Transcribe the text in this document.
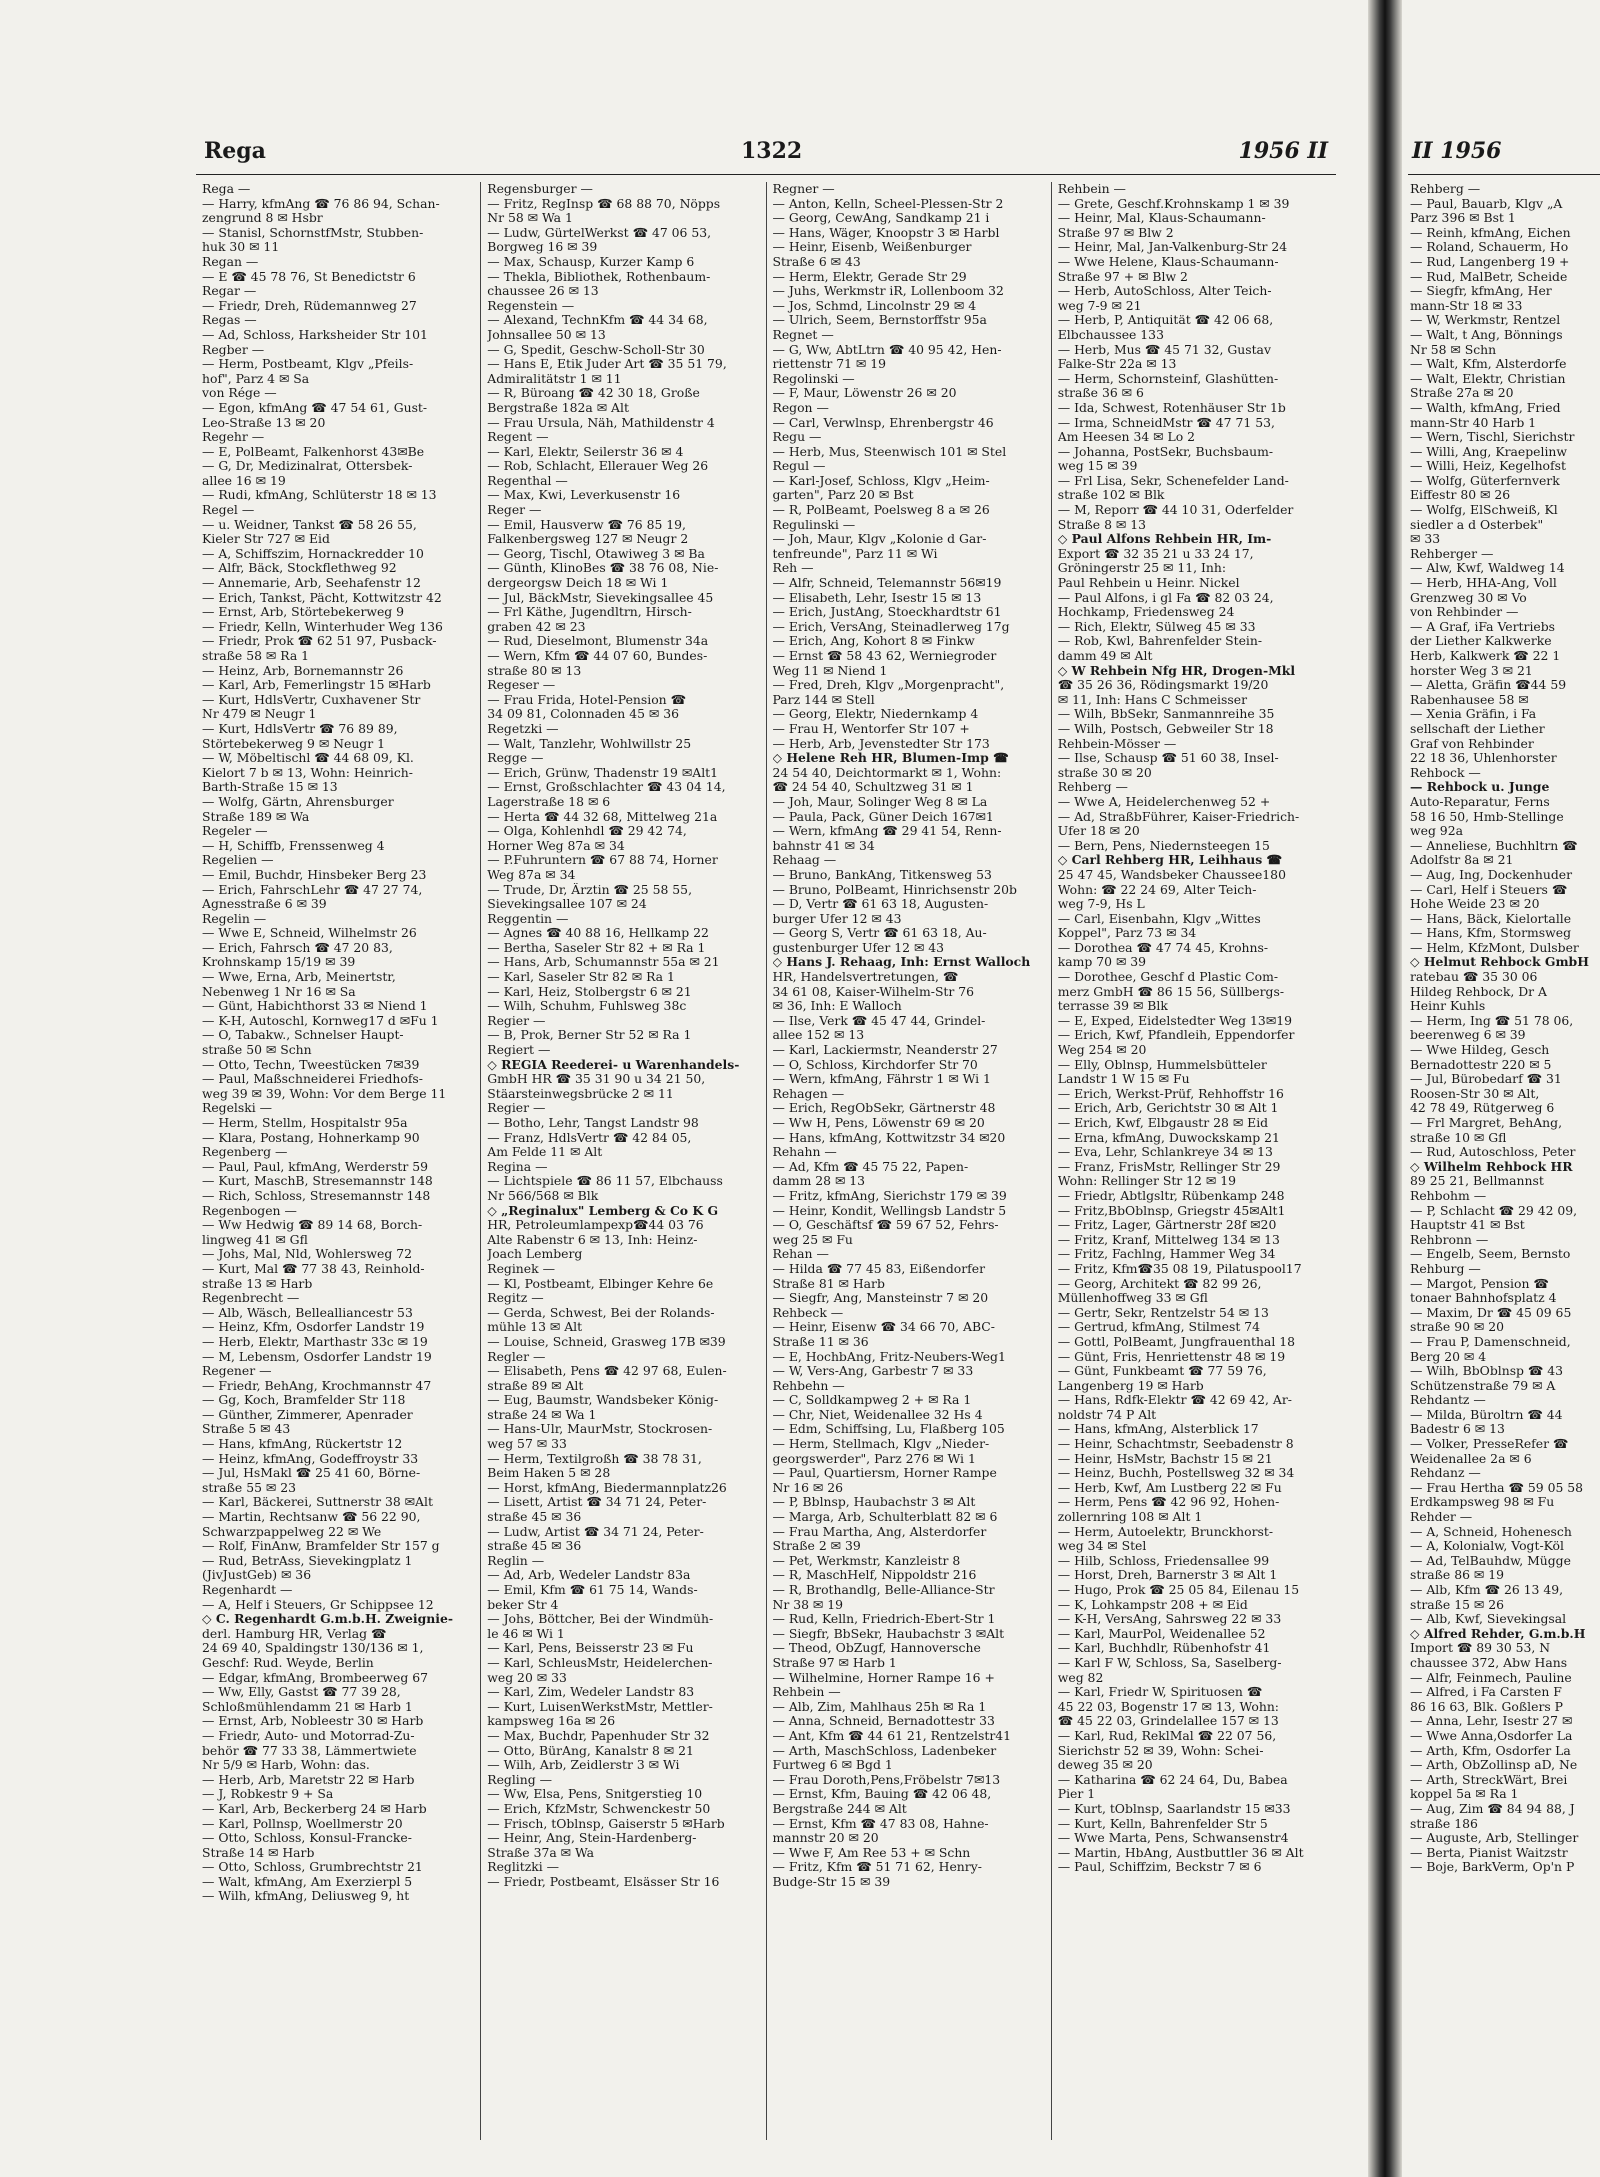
Rega	1322	1956 II
Rega —
— Harry, kfmAng ☎ 76 86 94, Schan-
zengrund 8 ✉ Hsbr
— Stanisl, SchornstfMstr, Stubben-
huk 30 ✉ 11
Regan —
— E ☎ 45 78 76, St Benedictstr 6
Regar —
— Friedr, Dreh, Rüdemannweg 27
Regas —
— Ad, Schloss, Harksheider Str 101
Regber —
— Herm, Postbeamt, Klgv „Pfeils-
hof", Parz 4 ✉ Sa
von Rége —
— Egon, kfmAng ☎ 47 54 61, Gust-
Leo-Straße 13 ✉ 20
Regehr —
— E, PolBeamt, Falkenhorst 43✉Be
— G, Dr, Medizinalrat, Ottersbek-
allee 16 ✉ 19
— Rudi, kfmAng, Schlüterstr 18 ✉ 13
Regel —
— u. Weidner, Tankst ☎ 58 26 55,
Kieler Str 727 ✉ Eid
— A, Schiffszim, Hornackredder 10
— Alfr, Bäck, Stockflethweg 92
— Annemarie, Arb, Seehafenstr 12
— Erich, Tankst, Pächt, Kottwitzstr 42
— Ernst, Arb, Störtebekerweg 9
— Friedr, Kelln, Winterhuder Weg 136
— Friedr, Prok ☎ 62 51 97, Pusback-
straße 58 ✉ Ra 1
— Heinz, Arb, Bornemannstr 26
— Karl, Arb, Femerlingstr 15 ✉Harb
— Kurt, HdlsVertr, Cuxhavener Str
Nr 479 ✉ Neugr 1
— Kurt, HdlsVertr ☎ 76 89 89,
Störtebekerweg 9 ✉ Neugr 1
— W, Möbeltischl ☎ 44 68 09, Kl.
Kielort 7 b ✉ 13, Wohn: Heinrich-
Barth-Straße 15 ✉ 13
— Wolfg, Gärtn, Ahrensburger
Straße 189 ✉ Wa
Regeler —
— H, Schiffb, Frenssenweg 4
Regelien —
— Emil, Buchdr, Hinsbeker Berg 23
— Erich, FahrschLehr ☎ 47 27 74,
Agnesstraße 6 ✉ 39
Regelin —
— Wwe E, Schneid, Wilhelmstr 26
— Erich, Fahrsch ☎ 47 20 83,
Krohnskamp 15/19 ✉ 39
— Wwe, Erna, Arb, Meinertstr,
Nebenweg 1 Nr 16 ✉ Sa
— Günt, Habichthorst 33 ✉ Niend 1
— K-H, Autoschl, Kornweg17 d ✉Fu 1
— O, Tabakw., Schnelser Haupt-
straße 50 ✉ Schn
— Otto, Techn, Tweestücken 7✉39
— Paul, Maßschneiderei Friedhofs-
weg 39 ✉ 39, Wohn: Vor dem Berge 11
Regelski —
— Herm, Stellm, Hospitalstr 95a
— Klara, Postang, Hohnerkamp 90
Regenberg —
— Paul, Paul, kfmAng, Werderstr 59
— Kurt, MaschB, Stresemannstr 148
— Rich, Schloss, Stresemannstr 148
Regenbogen —
— Ww Hedwig ☎ 89 14 68, Borch-
lingweg 41 ✉ Gfl
— Johs, Mal, Nld, Wohlersweg 72
— Kurt, Mal ☎ 77 38 43, Reinhold-
straße 13 ✉ Harb
Regenbrecht —
— Alb, Wäsch, Bellealliancestr 53
— Heinz, Kfm, Osdorfer Landstr 19
— Herb, Elektr, Marthastr 33c ✉ 19
— M, Lebensm, Osdorfer Landstr 19
Regener —
— Friedr, BehAng, Krochmannstr 47
— Gg, Koch, Bramfelder Str 118
— Günther, Zimmerer, Apenrader
Straße 5 ✉ 43
— Hans, kfmAng, Rückertstr 12
— Heinz, kfmAng, Godeffroystr 33
— Jul, HsMakl ☎ 25 41 60, Börne-
straße 55 ✉ 23
— Karl, Bäckerei, Suttnerstr 38 ✉Alt
— Martin, Rechtsanw ☎ 56 22 90,
Schwarzpappelweg 22 ✉ We
— Rolf, FinAnw, Bramfelder Str 157 g
— Rud, BetrAss, Sievekingplatz 1
(JivJustGeb) ✉ 36
Regenhardt —
— A, Helf i Steuers, Gr Schippsee 12
◇ C. Regenhardt G.m.b.H. Zweignie-
derl. Hamburg HR, Verlag ☎
24 69 40, Spaldingstr 130/136 ✉ 1,
Geschf: Rud. Weyde, Berlin
— Edgar, kfmAng, Brombeerweg 67
— Ww, Elly, Gastst ☎ 77 39 28,
Schloßmühlendamm 21 ✉ Harb 1
— Ernst, Arb, Nobleestr 30 ✉ Harb
— Friedr, Auto- und Motorrad-Zu-
behör ☎ 77 33 38, Lämmertwiete
Nr 5/9 ✉ Harb, Wohn: das.
— Herb, Arb, Maretstr 22 ✉ Harb
— J, Robkestr 9 + Sa
— Karl, Arb, Beckerberg 24 ✉ Harb
— Karl, Pollnsp, Woellmerstr 20
— Otto, Schloss, Konsul-Francke-
Straße 14 ✉ Harb
— Otto, Schloss, Grumbrechtstr 21
— Walt, kfmAng, Am Exerzierpl 5
— Wilh, kfmAng, Deliusweg 9, ht
Regensburger —
— Fritz, RegInsp ☎ 68 88 70, Nöpps
Nr 58 ✉ Wa 1
— Ludw, GürtelWerkst ☎ 47 06 53,
Borgweg 16 ✉ 39
— Max, Schausp, Kurzer Kamp 6
— Thekla, Bibliothek, Rothenbaum-
chaussee 26 ✉ 13
Regenstein —
— Alexand, TechnKfm ☎ 44 34 68,
Johnsallee 50 ✉ 13
— G, Spedit, Geschw-Scholl-Str 30
— Hans E, Etik Juder Art ☎ 35 51 79,
Admiralitätstr 1 ✉ 11
— R, Büroang ☎ 42 30 18, Große
Bergstraße 182a ✉ Alt
— Frau Ursula, Näh, Mathildenstr 4
Regent —
— Karl, Elektr, Seilerstr 36 ✉ 4
— Rob, Schlacht, Ellerauer Weg 26
Regenthal —
— Max, Kwi, Leverkusenstr 16
Reger —
— Emil, Hausverw ☎ 76 85 19,
Falkenbergsweg 127 ✉ Neugr 2
— Georg, Tischl, Otawiweg 3 ✉ Ba
— Günth, KlinoBes ☎ 38 76 08, Nie-
dergeorgsw Deich 18 ✉ Wi 1
— Jul, BäckMstr, Sievekingsallee 45
— Frl Käthe, Jugendltrn, Hirsch-
graben 42 ✉ 23
— Rud, Dieselmont, Blumenstr 34a
— Wern, Kfm ☎ 44 07 60, Bundes-
straße 80 ✉ 13
Regeser —
— Frau Frida, Hotel-Pension ☎
34 09 81, Colonnaden 45 ✉ 36
Regetzki —
— Walt, Tanzlehr, Wohlwillstr 25
Regge —
— Erich, Grünw, Thadenstr 19 ✉Alt1
— Ernst, Großschlachter ☎ 43 04 14,
Lagerstraße 18 ✉ 6
— Herta ☎ 44 32 68, Mittelweg 21a
— Olga, Kohlenhdl ☎ 29 42 74,
Horner Weg 87a ✉ 34
— P.Fuhruntern ☎ 67 88 74, Horner
Weg 87a ✉ 34
— Trude, Dr, Ärztin ☎ 25 58 55,
Sievekingsallee 107 ✉ 24
Reggentin —
— Agnes ☎ 40 88 16, Hellkamp 22
— Bertha, Saseler Str 82 + ✉ Ra 1
— Hans, Arb, Schumannstr 55a ✉ 21
— Karl, Saseler Str 82 ✉ Ra 1
— Karl, Heiz, Stolbergstr 6 ✉ 21
— Wilh, Schuhm, Fuhlsweg 38c
Regier —
— B, Prok, Berner Str 52 ✉ Ra 1
Regiert —
◇ REGIA Reederei- u Warenhandels-
GmbH HR ☎ 35 31 90 u 34 21 50,
Stäarsteinwegsbrücke 2 ✉ 11
Regier —
— Botho, Lehr, Tangst Landstr 98
— Franz, HdlsVertr ☎ 42 84 05,
Am Felde 11 ✉ Alt
Regina —
— Lichtspiele ☎ 86 11 57, Elbchauss
Nr 566/568 ✉ Blk
◇ „Reginalux" Lemberg & Co K G
HR, Petroleumlampexp☎44 03 76
Alte Rabenstr 6 ✉ 13, Inh: Heinz-
Joach Lemberg
Reginek —
— Kl, Postbeamt, Elbinger Kehre 6e
Regitz —
— Gerda, Schwest, Bei der Rolands-
mühle 13 ✉ Alt
— Louise, Schneid, Grasweg 17B ✉39
Regler —
— Elisabeth, Pens ☎ 42 97 68, Eulen-
straße 89 ✉ Alt
— Eug, Baumstr, Wandsbeker König-
straße 24 ✉ Wa 1
— Hans-Ulr, MaurMstr, Stockrosen-
weg 57 ✉ 33
— Herm, Textilgroßh ☎ 38 78 31,
Beim Haken 5 ✉ 28
— Horst, kfmAng, Biedermannplatz26
— Lisett, Artist ☎ 34 71 24, Peter-
straße 45 ✉ 36
— Ludw, Artist ☎ 34 71 24, Peter-
straße 45 ✉ 36
Reglin —
— Ad, Arb, Wedeler Landstr 83a
— Emil, Kfm ☎ 61 75 14, Wands-
beker Str 4
— Johs, Böttcher, Bei der Windmüh-
le 46 ✉ Wi 1
— Karl, Pens, Beisserstr 23 ✉ Fu
— Karl, SchleusMstr, Heidelerchen-
weg 20 ✉ 33
— Karl, Zim, Wedeler Landstr 83
— Kurt, LuisenWerkstMstr, Mettler-
kampsweg 16a ✉ 26
— Max, Buchdr, Papenhuder Str 32
— Otto, BürAng, Kanalstr 8 ✉ 21
— Wilh, Arb, Zeidlerstr 3 ✉ Wi
Regling —
— Ww, Elsa, Pens, Snitgerstieg 10
— Erich, KfzMstr, Schwenckestr 50
— Frisch, tOblnsp, Gaiserstr 5 ✉Harb
— Heinr, Ang, Stein-Hardenberg-
Straße 37a ✉ Wa
Reglitzki —
— Friedr, Postbeamt, Elsässer Str 16
Regner —
— Anton, Kelln, Scheel-Plessen-Str 2
— Georg, CewAng, Sandkamp 21 i
— Hans, Wäger, Knoopstr 3 ✉ Harbl
— Heinr, Eisenb, Weißenburger
Straße 6 ✉ 43
— Herm, Elektr, Gerade Str 29
— Juhs, Werkmstr iR, Lollenboom 32
— Jos, Schmd, Lincolnstr 29 ✉ 4
— Ulrich, Seem, Bernstorffstr 95a
Regnet —
— G, Ww, AbtLtrn ☎ 40 95 42, Hen-
riettenstr 71 ✉ 19
Regolinski —
— F, Maur, Löwenstr 26 ✉ 20
Regon —
— Carl, Verwlnsp, Ehrenbergstr 46
Regu —
— Herb, Mus, Steenwisch 101 ✉ Stel
Regul —
— Karl-Josef, Schloss, Klgv „Heim-
garten", Parz 20 ✉ Bst
— R, PolBeamt, Poelsweg 8 a ✉ 26
Regulinski —
— Joh, Maur, Klgv „Kolonie d Gar-
tenfreunde", Parz 11 ✉ Wi
Reh —
— Alfr, Schneid, Telemannstr 56✉19
— Elisabeth, Lehr, Isestr 15 ✉ 13
— Erich, JustAng, Stoeckhardtstr 61
— Erich, VersAng, Steinadlerweg 17g
— Erich, Ang, Kohort 8 ✉ Finkw
— Ernst ☎ 58 43 62, Werniegroder
Weg 11 ✉ Niend 1
— Fred, Dreh, Klgv „Morgenpracht",
Parz 144 ✉ Stell
— Georg, Elektr, Niedernkamp 4
— Frau H, Wentorfer Str 107 +
— Herb, Arb, Jevenstedter Str 173
◇ Helene Reh HR, Blumen-Imp ☎
24 54 40, Deichtormarkt ✉ 1, Wohn:
☎ 24 54 40, Schultzweg 31 ✉ 1
— Joh, Maur, Solinger Weg 8 ✉ La
— Paula, Pack, Güner Deich 167✉1
— Wern, kfmAng ☎ 29 41 54, Renn-
bahnstr 41 ✉ 34
Rehaag —
— Bruno, BankAng, Titkensweg 53
— Bruno, PolBeamt, Hinrichsenstr 20b
— D, Vertr ☎ 61 63 18, Augusten-
burger Ufer 12 ✉ 43
— Georg S, Vertr ☎ 61 63 18, Au-
gustenburger Ufer 12 ✉ 43
◇ Hans J. Rehaag, Inh: Ernst Walloch
HR, Handelsvertretungen, ☎
34 61 08, Kaiser-Wilhelm-Str 76
✉ 36, Inh: E Walloch
— Ilse, Verk ☎ 45 47 44, Grindel-
allee 152 ✉ 13
— Karl, Lackiermstr, Neanderstr 27
— O, Schloss, Kirchdorfer Str 70
— Wern, kfmAng, Fährstr 1 ✉ Wi 1
Rehagen —
— Erich, RegObSekr, Gärtnerstr 48
— Ww H, Pens, Löwenstr 69 ✉ 20
— Hans, kfmAng, Kottwitzstr 34 ✉20
Rehahn —
— Ad, Kfm ☎ 45 75 22, Papen-
damm 28 ✉ 13
— Fritz, kfmAng, Sierichstr 179 ✉ 39
— Heinr, Kondit, Wellingsb Landstr 5
— O, Geschäftsf ☎ 59 67 52, Fehrs-
weg 25 ✉ Fu
Rehan —
— Hilda ☎ 77 45 83, Eißendorfer
Straße 81 ✉ Harb
— Siegfr, Ang, Mansteinstr 7 ✉ 20
Rehbeck —
— Heinr, Eisenw ☎ 34 66 70, ABC-
Straße 11 ✉ 36
— E, HochbAng, Fritz-Neubers-Weg1
— W, Vers-Ang, Garbestr 7 ✉ 33
Rehbehn —
— C, Solldkampweg 2 + ✉ Ra 1
— Chr, Niet, Weidenallee 32 Hs 4
— Edm, Schiffsing, Lu, Flaßberg 105
— Herm, Stellmach, Klgv „Nieder-
georgswerder", Parz 276 ✉ Wi 1
— Paul, Quartiersm, Horner Rampe
Nr 16 ✉ 26
— P, Bblnsp, Haubachstr 3 ✉ Alt
— Marga, Arb, Schulterblatt 82 ✉ 6
— Frau Martha, Ang, Alsterdorfer
Straße 2 ✉ 39
— Pet, Werkmstr, Kanzleistr 8
— R, MaschHelf, Nippoldstr 216
— R, Brothandlg, Belle-Alliance-Str
Nr 38 ✉ 19
— Rud, Kelln, Friedrich-Ebert-Str 1
— Siegfr, BbSekr, Haubachstr 3 ✉Alt
— Theod, ObZugf, Hannoversche
Straße 97 ✉ Harb 1
— Wilhelmine, Horner Rampe 16 +
Rehbein —
— Alb, Zim, Mahlhaus 25h ✉ Ra 1
— Anna, Schneid, Bernadottestr 33
— Ant, Kfm ☎ 44 61 21, Rentzelstr41
— Arth, MaschSchloss, Ladenbeker
Furtweg 6 ✉ Bgd 1
— Frau Doroth,Pens,Fröbelstr 7✉13
— Ernst, Kfm, Bauing ☎ 42 06 48,
Bergstraße 244 ✉ Alt
— Ernst, Kfm ☎ 47 83 08, Hahne-
mannstr 20 ✉ 20
— Wwe F, Am Ree 53 + ✉ Schn
— Fritz, Kfm ☎ 51 71 62, Henry-
Budge-Str 15 ✉ 39
Rehbein —
— Grete, Geschf.Krohnskamp 1 ✉ 39
— Heinr, Mal, Klaus-Schaumann-
Straße 97 ✉ Blw 2
— Heinr, Mal, Jan-Valkenburg-Str 24
— Wwe Helene, Klaus-Schaumann-
Straße 97 + ✉ Blw 2
— Herb, AutoSchloss, Alter Teich-
weg 7-9 ✉ 21
— Herb, P, Antiquität ☎ 42 06 68,
Elbchaussee 133
— Herb, Mus ☎ 45 71 32, Gustav
Falke-Str 22a ✉ 13
— Herm, Schornsteinf, Glashütten-
straße 36 ✉ 6
— Ida, Schwest, Rotenhäuser Str 1b
— Irma, SchneidMstr ☎ 47 71 53,
Am Heesen 34 ✉ Lo 2
— Johanna, PostSekr, Buchsbaum-
weg 15 ✉ 39
— Frl Lisa, Sekr, Schenefelder Land-
straße 102 ✉ Blk
— M, Reporr ☎ 44 10 31, Oderfelder
Straße 8 ✉ 13
◇ Paul Alfons Rehbein HR, Im-
Export ☎ 32 35 21 u 33 24 17,
Gröningerstr 25 ✉ 11, Inh:
Paul Rehbein u Heinr. Nickel
— Paul Alfons, i gl Fa ☎ 82 03 24,
Hochkamp, Friedensweg 24
— Rich, Elektr, Sülweg 45 ✉ 33
— Rob, Kwl, Bahrenfelder Stein-
damm 49 ✉ Alt
◇ W Rehbein Nfg HR, Drogen-Mkl
☎ 35 26 36, Rödingsmarkt 19/20
✉ 11, Inh: Hans C Schmeisser
— Wilh, BbSekr, Sanmannreihe 35
— Wilh, Postsch, Gebweiler Str 18
Rehbein-Mösser —
— Ilse, Schausp ☎ 51 60 38, Insel-
straße 30 ✉ 20
Rehberg —
— Wwe A, Heidelerchenweg 52 +
— Ad, StraßbFührer, Kaiser-Friedrich-
Ufer 18 ✉ 20
— Bern, Pens, Niedernsteegen 15
◇ Carl Rehberg HR, Leihhaus ☎
25 47 45, Wandsbeker Chaussee180
Wohn: ☎ 22 24 69, Alter Teich-
weg 7-9, Hs L
— Carl, Eisenbahn, Klgv „Wittes
Koppel", Parz 73 ✉ 34
— Dorothea ☎ 47 74 45, Krohns-
kamp 70 ✉ 39
— Dorothee, Geschf d Plastic Com-
merz GmbH ☎ 86 15 56, Süllbergs-
terrasse 39 ✉ Blk
— E, Exped, Eidelstedter Weg 13✉19
— Erich, Kwf, Pfandleih, Eppendorfer
Weg 254 ✉ 20
— Elly, Oblnsp, Hummelsbütteler
Landstr 1 W 15 ✉ Fu
— Erich, Werkst-Prüf, Rehhoffstr 16
— Erich, Arb, Gerichtstr 30 ✉ Alt 1
— Erich, Kwf, Elbgaustr 28 ✉ Eid
— Erna, kfmAng, Duwockskamp 21
— Eva, Lehr, Schlankreye 34 ✉ 13
— Franz, FrisMstr, Rellinger Str 29
Wohn: Rellinger Str 12 ✉ 19
— Friedr, Abtlgsltr, Rübenkamp 248
— Fritz,BbOblnsp, Griegstr 45✉Alt1
— Fritz, Lager, Gärtnerstr 28f ✉20
— Fritz, Kranf, Mittelweg 134 ✉ 13
— Fritz, Fachlng, Hammer Weg 34
— Fritz, Kfm☎35 08 19, Pilatuspool17
— Georg, Architekt ☎ 82 99 26,
Müllenhoffweg 33 ✉ Gfl
— Gertr, Sekr, Rentzelstr 54 ✉ 13
— Gertrud, kfmAng, Stilmest 74
— Gottl, PolBeamt, Jungfrauenthal 18
— Günt, Fris, Henriettenstr 48 ✉ 19
— Günt, Funkbeamt ☎ 77 59 76,
Langenberg 19 ✉ Harb
— Hans, Rdfk-Elektr ☎ 42 69 42, Ar-
noldstr 74 P Alt
— Hans, kfmAng, Alsterblick 17
— Heinr, Schachtmstr, Seebadenstr 8
— Heinr, HsMstr, Bachstr 15 ✉ 21
— Heinz, Buchh, Postellsweg 32 ✉ 34
— Herb, Kwf, Am Lustberg 22 ✉ Fu
— Herm, Pens ☎ 42 96 92, Hohen-
zollernring 108 ✉ Alt 1
— Herm, Autoelektr, Brunckhorst-
weg 34 ✉ Stel
— Hilb, Schloss, Friedensallee 99
— Horst, Dreh, Barnerstr 3 ✉ Alt 1
— Hugo, Prok ☎ 25 05 84, Eilenau 15
— K, Lohkampstr 208 + ✉ Eid
— K-H, VersAng, Sahrsweg 22 ✉ 33
— Karl, MaurPol, Weidenallee 52
— Karl, Buchhdlr, Rübenhofstr 41
— Karl F W, Schloss, Sa, Saselberg-
weg 82
— Karl, Friedr W, Spirituosen ☎
45 22 03, Bogenstr 17 ✉ 13, Wohn:
☎ 45 22 03, Grindelallee 157 ✉ 13
— Karl, Rud, ReklMal ☎ 22 07 56,
Sierichstr 52 ✉ 39, Wohn: Schei-
deweg 35 ✉ 20
— Katharina ☎ 62 24 64, Du, Babea
Pier 1
— Kurt, tOblnsp, Saarlandstr 15 ✉33
— Kurt, Kelln, Bahrenfelder Str 5
— Wwe Marta, Pens, Schwansenstr4
— Martin, HbAng, Austbuttler 36 ✉ Alt
— Paul, Schiffzim, Beckstr 7 ✉ 6
II 1956
Rehberg —
— Paul, Bauarb, Klgv „A
Parz 396 ✉ Bst 1
— Reinh, kfmAng, Eichen
— Roland, Schauerm, Ho
— Rud, Langenberg 19 +
— Rud, MalBetr, Scheide
— Siegfr, kfmAng, Her
mann-Str 18 ✉ 33
— W, Werkmstr, Rentzel
— Walt, t Ang, Bönnings
Nr 58 ✉ Schn
— Walt, Kfm, Alsterdorfe
— Walt, Elektr, Christian
Straße 27a ✉ 20
— Walth, kfmAng, Fried
mann-Str 40 Harb 1
— Wern, Tischl, Sierichstr
— Willi, Ang, Kraepelinw
— Willi, Heiz, Kegelhofst
— Wolfg, Güterfernverk
Eiffestr 80 ✉ 26
— Wolfg, ElSchweiß, Kl
siedler a d Osterbek"
✉ 33
Rehberger —
— Alw, Kwf, Waldweg 14
— Herb, HHA-Ang, Voll
Grenzweg 30 ✉ Vo
von Rehbinder —
— A Graf, iFa Vertriebs
der Liether Kalkwerke
Herb, Kalkwerk ☎ 22 1
horster Weg 3 ✉ 21
— Aletta, Gräfin ☎44 59
Rabenhausee 58 ✉
— Xenia Gräfin, i Fa
sellschaft der Liether
Graf von Rehbinder
22 18 36, Uhlenhorster
Rehbock —
— Rehbock u. Junge
Auto-Reparatur, Ferns
58 16 50, Hmb-Stellinge
weg 92a
— Anneliese, Buchhltrn ☎
Adolfstr 8a ✉ 21
— Aug, Ing, Dockenhuder
— Carl, Helf i Steuers ☎
Hohe Weide 23 ✉ 20
— Hans, Bäck, Kielortalle
— Hans, Kfm, Stormsweg
— Helm, KfzMont, Dulsber
◇ Helmut Rehbock GmbH
ratebau ☎ 35 30 06
Hildeg Rehbock, Dr A
Heinr Kuhls
— Herm, Ing ☎ 51 78 06,
beerenweg 6 ✉ 39
— Wwe Hildeg, Gesch
Bernadottestr 220 ✉ 5
— Jul, Bürobedarf ☎ 31
Roosen-Str 30 ✉ Alt,
42 78 49, Rütgerweg 6
— Frl Margret, BehAng,
straße 10 ✉ Gfl
— Rud, Autoschloss, Peter
◇ Wilhelm Rehbock HR
89 25 21, Bellmannst
Rehbohm —
— P, Schlacht ☎ 29 42 09,
Hauptstr 41 ✉ Bst
Rehbronn —
— Engelb, Seem, Bernsto
Rehburg —
— Margot, Pension ☎
tonaer Bahnhofsplatz 4
— Maxim, Dr ☎ 45 09 65
straße 90 ✉ 20
— Frau P, Damenschneid,
Berg 20 ✉ 4
— Wilh, BbOblnsp ☎ 43
Schützenstraße 79 ✉ A
Rehdantz —
— Milda, Büroltrn ☎ 44
Badestr 6 ✉ 13
— Volker, PresseRefer ☎
Weidenallee 2a ✉ 6
Rehdanz —
— Frau Hertha ☎ 59 05 58
Erdkampsweg 98 ✉ Fu
Rehder —
— A, Schneid, Hohenesch
— A, Kolonialw, Vogt-Köl
— Ad, TelBauhdw, Mügge
straße 86 ✉ 19
— Alb, Kfm ☎ 26 13 49,
straße 15 ✉ 26
— Alb, Kwf, Sievekingsal
◇ Alfred Rehder, G.m.b.H
Import ☎ 89 30 53, N
chaussee 372, Abw Hans
— Alfr, Feinmech, Pauline
— Alfred, i Fa Carsten F
86 16 63, Blk. Goßlers P
— Anna, Lehr, Isestr 27 ✉
— Wwe Anna,Osdorfer La
— Arth, Kfm, Osdorfer La
— Arth, ObZollinsp aD, Ne
— Arth, StreckWärt, Brei
koppel 5a ✉ Ra 1
— Aug, Zim ☎ 84 94 88, J
straße 186
— Auguste, Arb, Stellinger
— Berta, Pianist Waitzstr
— Boje, BarkVerm, Op'n P
